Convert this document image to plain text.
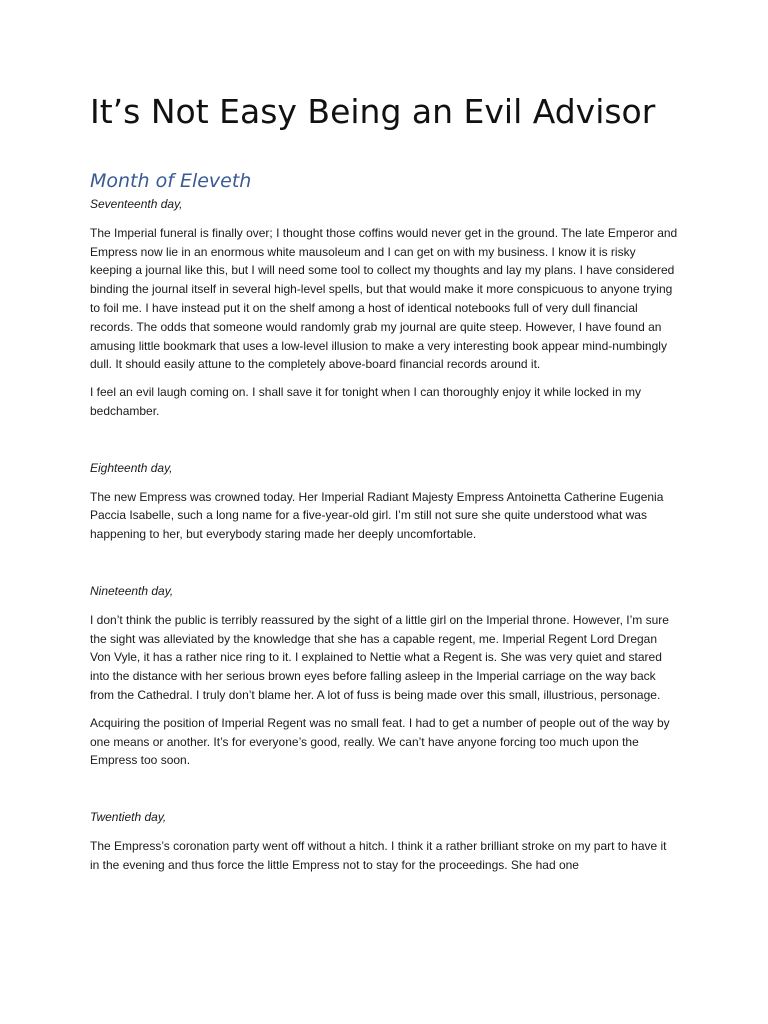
It’s Not Easy Being an Evil Advisor
Month of Eleveth

Seventeenth day,

The Imperial funeral is finally over; I thought those coffins would never get in the ground. The late Emperor and Empress now lie in an enormous white mausoleum and I can get on with my business. I know it is risky keeping a journal like this, but I will need some tool to collect my thoughts and lay my plans. I have considered binding the journal itself in several high-level spells, but that would make it more conspicuous to anyone trying to foil me. I have instead put it on the shelf among a host of identical notebooks full of very dull financial records. The odds that someone would randomly grab my journal are quite steep. However, I have found an amusing little bookmark that uses a low-level illusion to make a very interesting book appear mind-numbingly dull. It should easily attune to the completely above-board financial records around it.

I feel an evil laugh coming on. I shall save it for tonight when I can thoroughly enjoy it while locked in my bedchamber.

Eighteenth day,

The new Empress was crowned today. Her Imperial Radiant Majesty Empress Antoinetta Catherine Eugenia Paccia Isabelle, such a long name for a five-year-old girl. I’m still not sure she quite understood what was happening to her, but everybody staring made her deeply uncomfortable.

Nineteenth day,

I don’t think the public is terribly reassured by the sight of a little girl on the Imperial throne. However, I’m sure the sight was alleviated by the knowledge that she has a capable regent, me. Imperial Regent Lord Dregan Von Vyle, it has a rather nice ring to it. I explained to Nettie what a Regent is. She was very quiet and stared into the distance with her serious brown eyes before falling asleep in the Imperial carriage on the way back from the Cathedral. I truly don’t blame her. A lot of fuss is being made over this small, illustrious, personage.

Acquiring the position of Imperial Regent was no small feat. I had to get a number of people out of the way by one means or another. It’s for everyone’s good, really. We can’t have anyone forcing too much upon the Empress too soon.

Twentieth day,

The Empress’s coronation party went off without a hitch. I think it a rather brilliant stroke on my part to have it in the evening and thus force the little Empress not to stay for the proceedings. She had one
